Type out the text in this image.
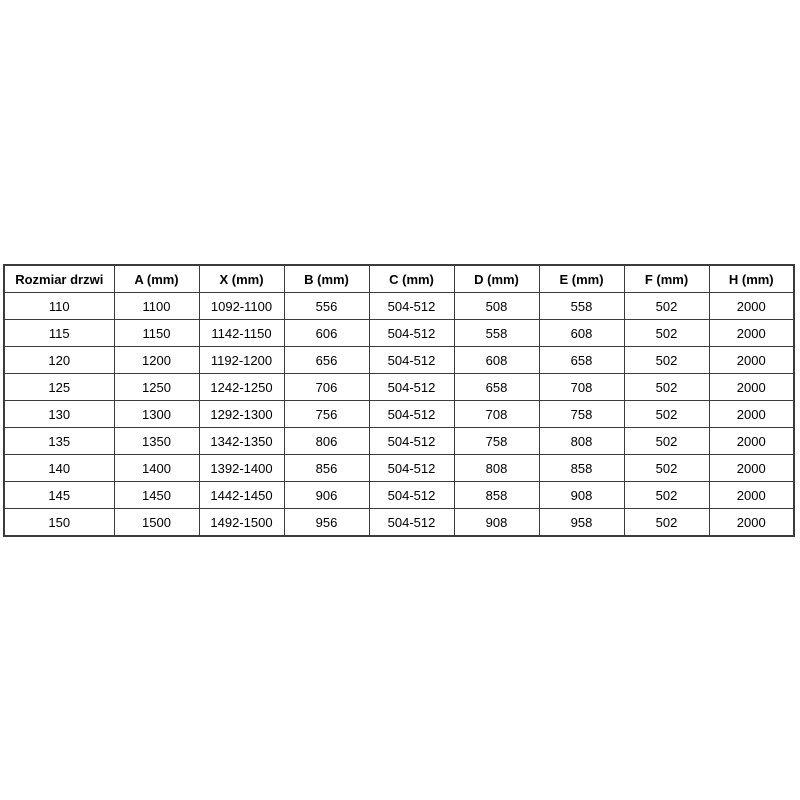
Rozmiar drzwi	A (mm)	X (mm)	B (mm)	C (mm)	D (mm)	E (mm)	F (mm)	H (mm)
110	1100	1092-1100	556	504-512	508	558	502	2000
115	1150	1142-1150	606	504-512	558	608	502	2000
120	1200	1192-1200	656	504-512	608	658	502	2000
125	1250	1242-1250	706	504-512	658	708	502	2000
130	1300	1292-1300	756	504-512	708	758	502	2000
135	1350	1342-1350	806	504-512	758	808	502	2000
140	1400	1392-1400	856	504-512	808	858	502	2000
145	1450	1442-1450	906	504-512	858	908	502	2000
150	1500	1492-1500	956	504-512	908	958	502	2000
